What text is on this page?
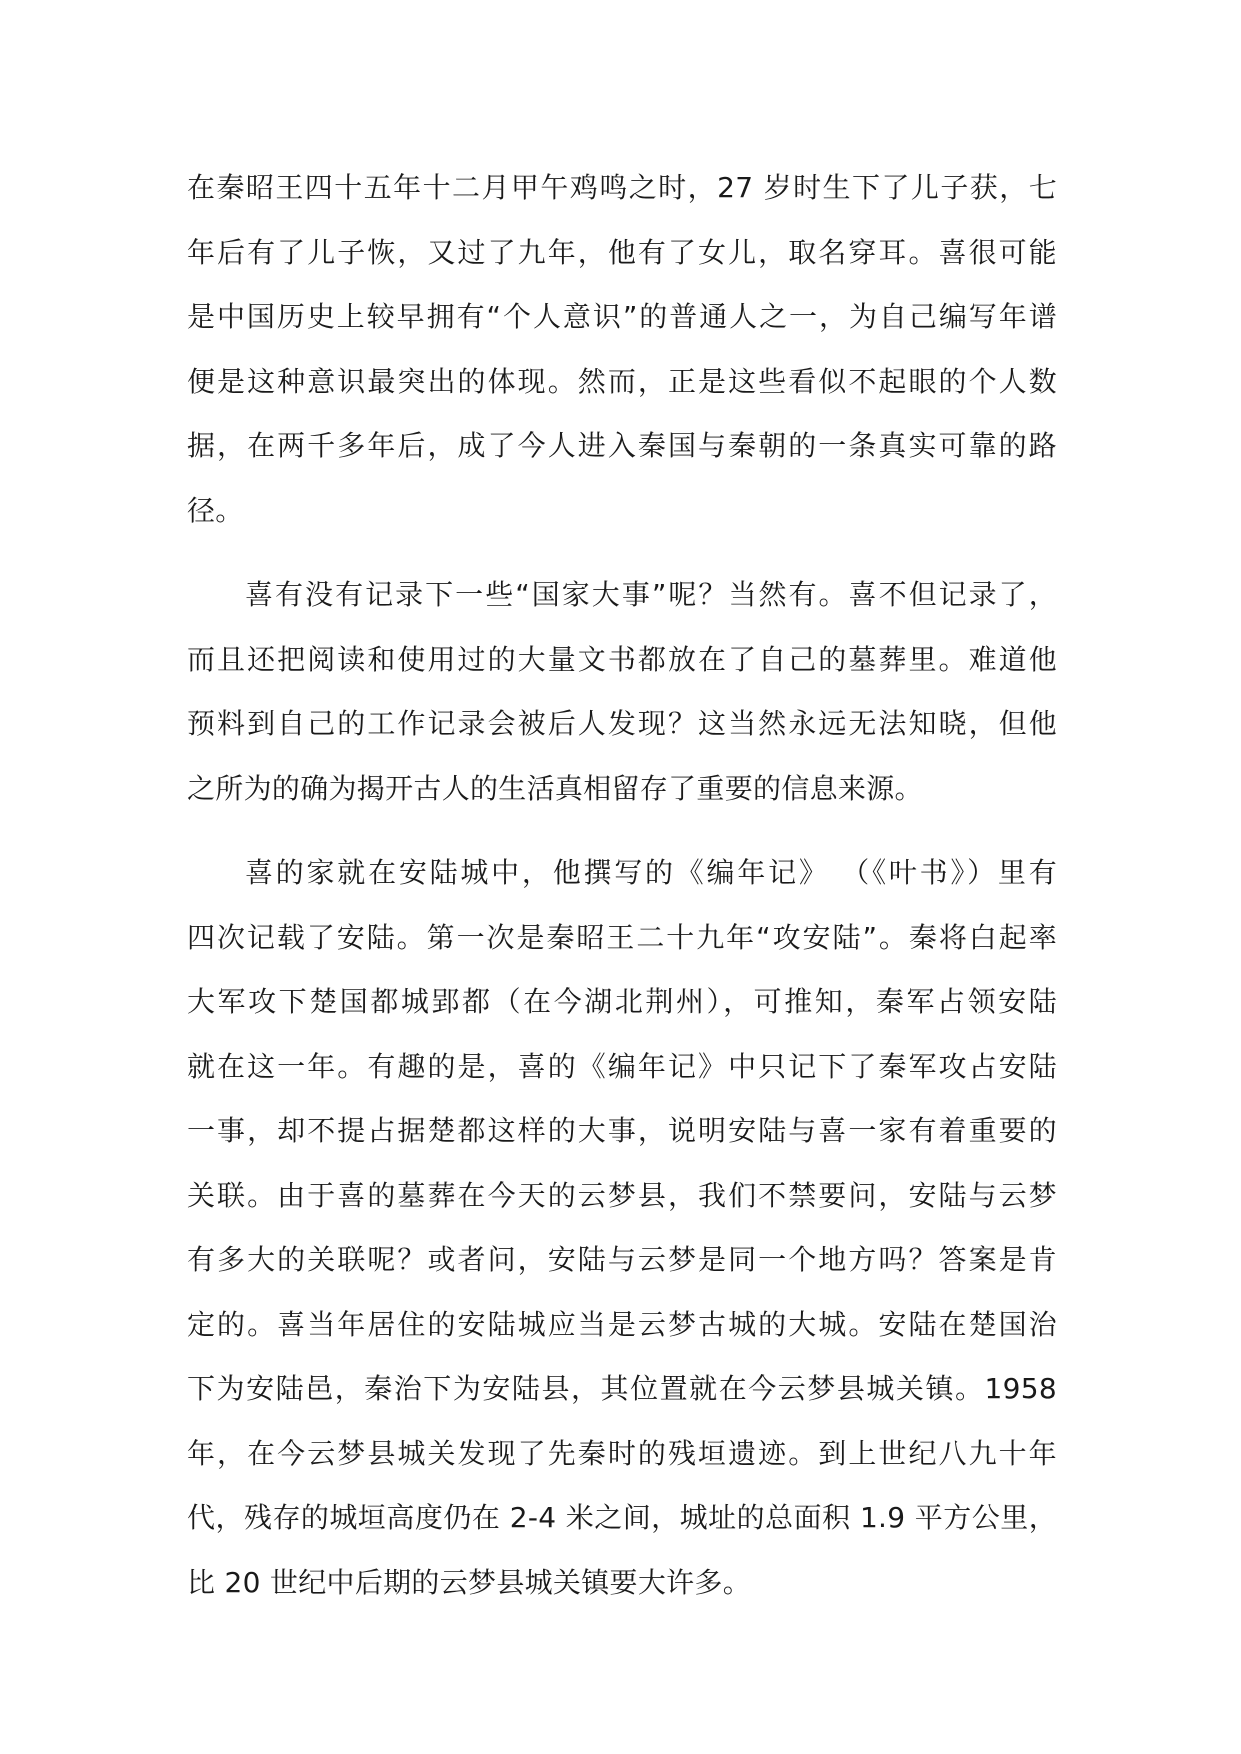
在秦昭王四十五年十二月甲午鸡鸣之时，27 岁时生下了儿子获，七
年后有了儿子恢，又过了九年，他有了女儿，取名穿耳。喜很可能
是中国历史上较早拥有“个人意识”的普通人之一，为自己编写年谱
便是这种意识最突出的体现。然而，正是这些看似不起眼的个人数
据，在两千多年后，成了今人进入秦国与秦朝的一条真实可靠的路
径。
喜有没有记录下一些“国家大事”呢？当然有。喜不但记录了，
而且还把阅读和使用过的大量文书都放在了自己的墓葬里。难道他
预料到自己的工作记录会被后人发现？这当然永远无法知晓，但他
之所为的确为揭开古人的生活真相留存了重要的信息来源。
喜的家就在安陆城中，他撰写的《编年记》 （《叶书》）里有
四次记载了安陆。第一次是秦昭王二十九年“攻安陆”。秦将白起率
大军攻下楚国都城郢都（在今湖北荆州），可推知，秦军占领安陆
就在这一年。有趣的是，喜的《编年记》中只记下了秦军攻占安陆
一事，却不提占据楚都这样的大事，说明安陆与喜一家有着重要的
关联。由于喜的墓葬在今天的云梦县，我们不禁要问，安陆与云梦
有多大的关联呢？或者问，安陆与云梦是同一个地方吗？答案是肯
定的。喜当年居住的安陆城应当是云梦古城的大城。安陆在楚国治
下为安陆邑，秦治下为安陆县，其位置就在今云梦县城关镇。1958
年，在今云梦县城关发现了先秦时的残垣遗迹。到上世纪八九十年
代，残存的城垣高度仍在 2-4 米之间，城址的总面积 1.9 平方公里，
比 20 世纪中后期的云梦县城关镇要大许多。
